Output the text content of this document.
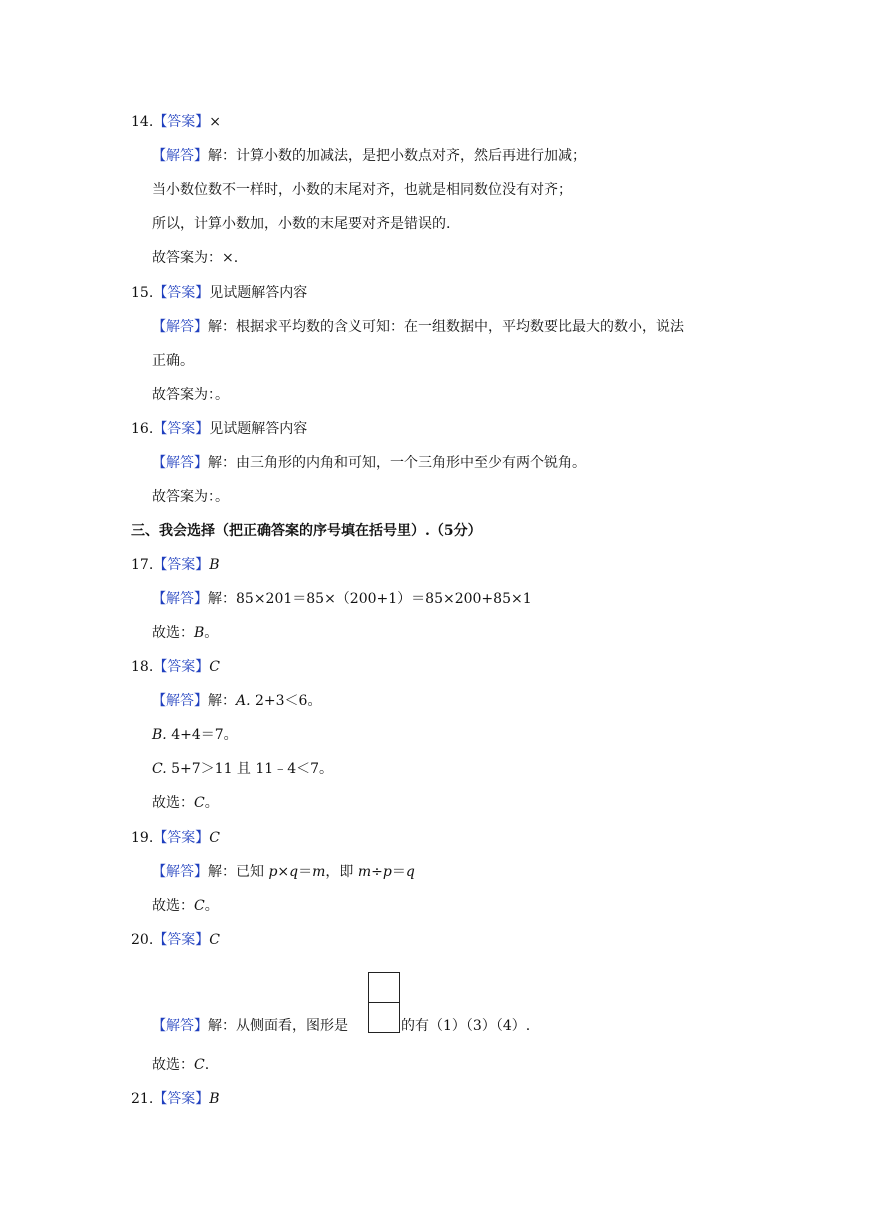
14.【答案】×
【解答】解：计算小数的加减法，是把小数点对齐，然后再进行加减；
当小数位数不一样时，小数的末尾对齐，也就是相同数位没有对齐；
所以，计算小数加，小数的末尾要对齐是错误的.
故答案为：×.
15.【答案】见试题解答内容
【解答】解：根据求平均数的含义可知：在一组数据中，平均数要比最大的数小，说法
正确。
故答案为：。
16.【答案】见试题解答内容
【解答】解：由三角形的内角和可知，一个三角形中至少有两个锐角。
故答案为：。
三、我会选择（把正确答案的序号填在括号里）.（5分）
17.【答案】B
【解答】解：85×201＝85×（200+1）＝85×200+85×1
故选：B。
18.【答案】C
【解答】解：A. 2+3＜6。
B. 4+4＝7。
C. 5+7＞11 且 11﹣4＜7。
故选：C。
19.【答案】C
【解答】解：已知 p×q＝m，即 m÷p＝q
故选：C。
20.【答案】C
【解答】解：从侧面看，图形是	的有（1）（3）（4）.
故选：C.
21.【答案】B
